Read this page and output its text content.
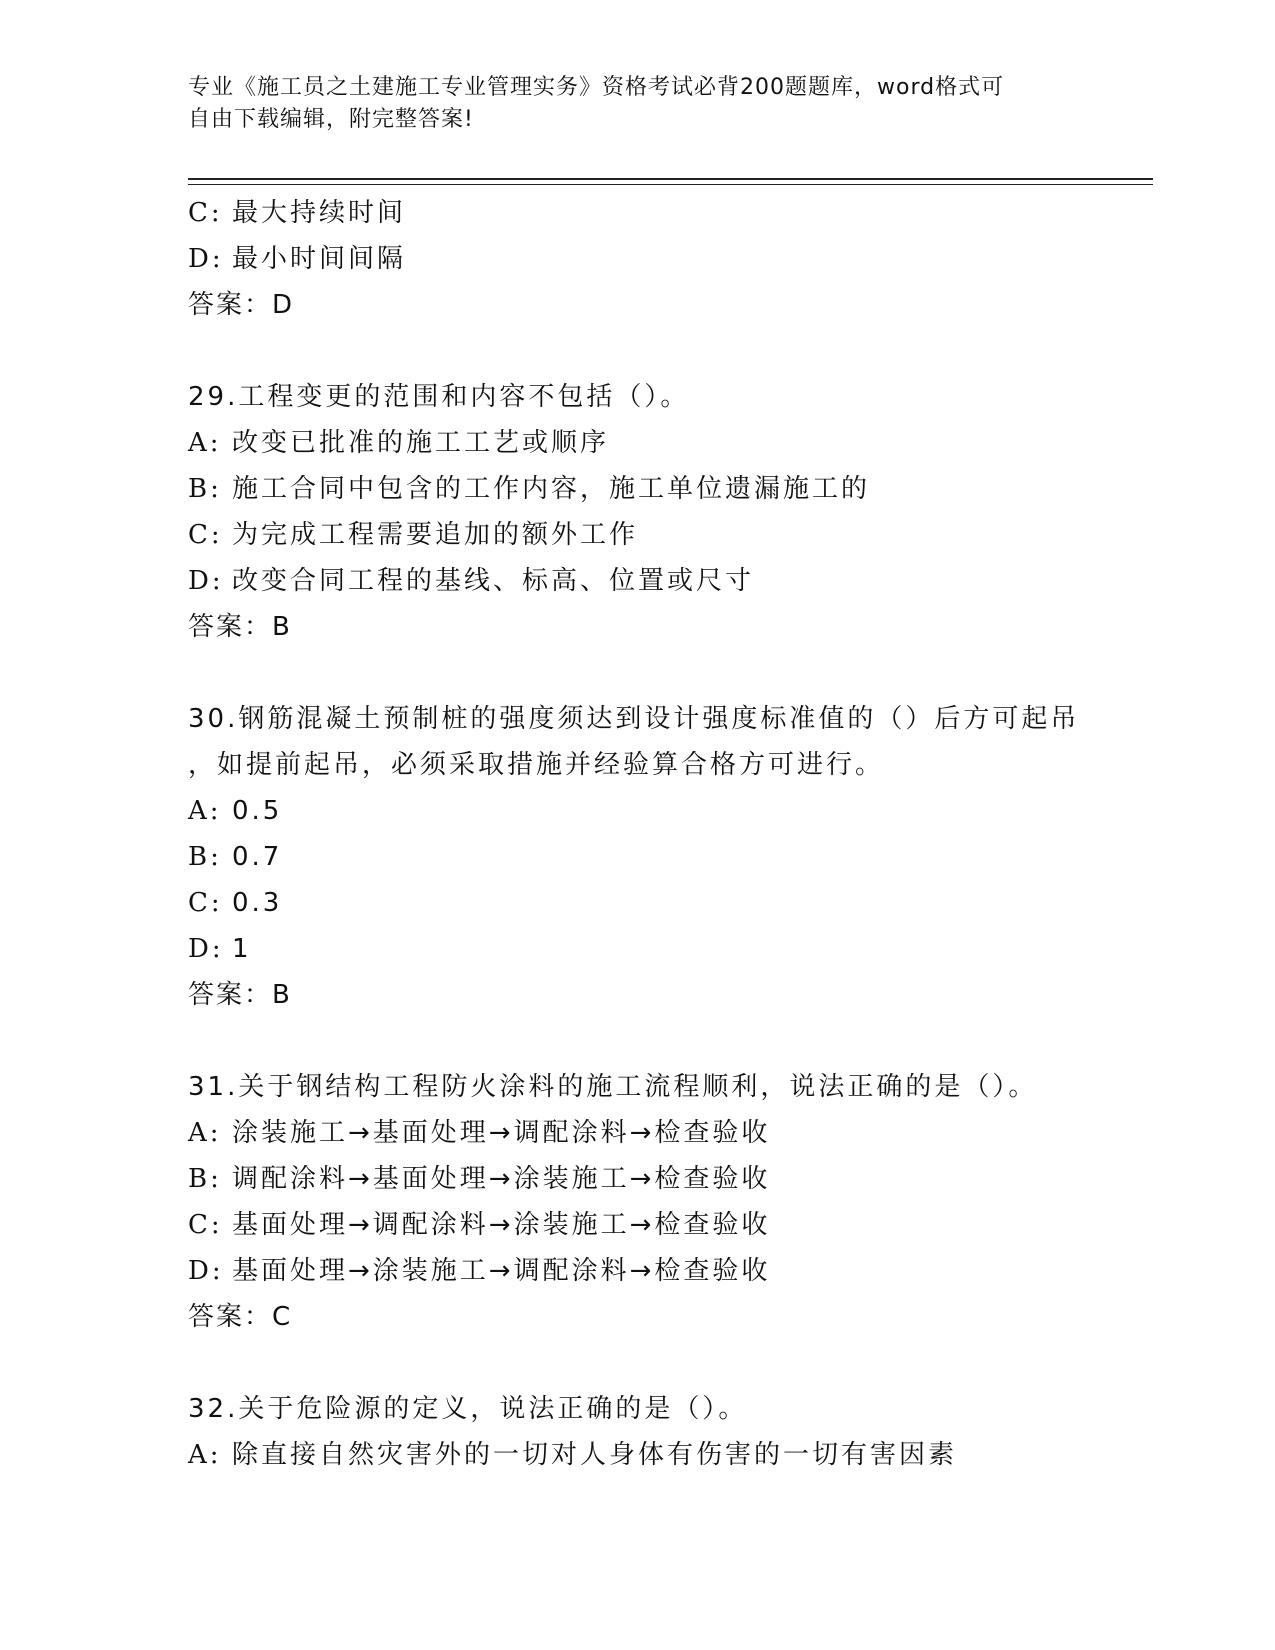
专业《施工员之土建施工专业管理实务》资格考试必背200题题库，word格式可
自由下载编辑，附完整答案!
C: 最大持续时间
D: 最小时间间隔
答案：D
29.工程变更的范围和内容不包括（）。
A: 改变已批准的施工工艺或顺序
B: 施工合同中包含的工作内容，施工单位遗漏施工的
C: 为完成工程需要追加的额外工作
D: 改变合同工程的基线、标高、位置或尺寸
答案：B
30.钢筋混凝土预制桩的强度须达到设计强度标准值的（）后方可起吊
，如提前起吊，必须采取措施并经验算合格方可进行。
A: 0.5
B: 0.7
C: 0.3
D: 1
答案：B
31.关于钢结构工程防火涂料的施工流程顺利，说法正确的是（）。
A: 涂装施工→基面处理→调配涂料→检查验收
B: 调配涂料→基面处理→涂装施工→检查验收
C: 基面处理→调配涂料→涂装施工→检查验收
D: 基面处理→涂装施工→调配涂料→检查验收
答案：C
32.关于危险源的定义，说法正确的是（）。
A: 除直接自然灾害外的一切对人身体有伤害的一切有害因素
